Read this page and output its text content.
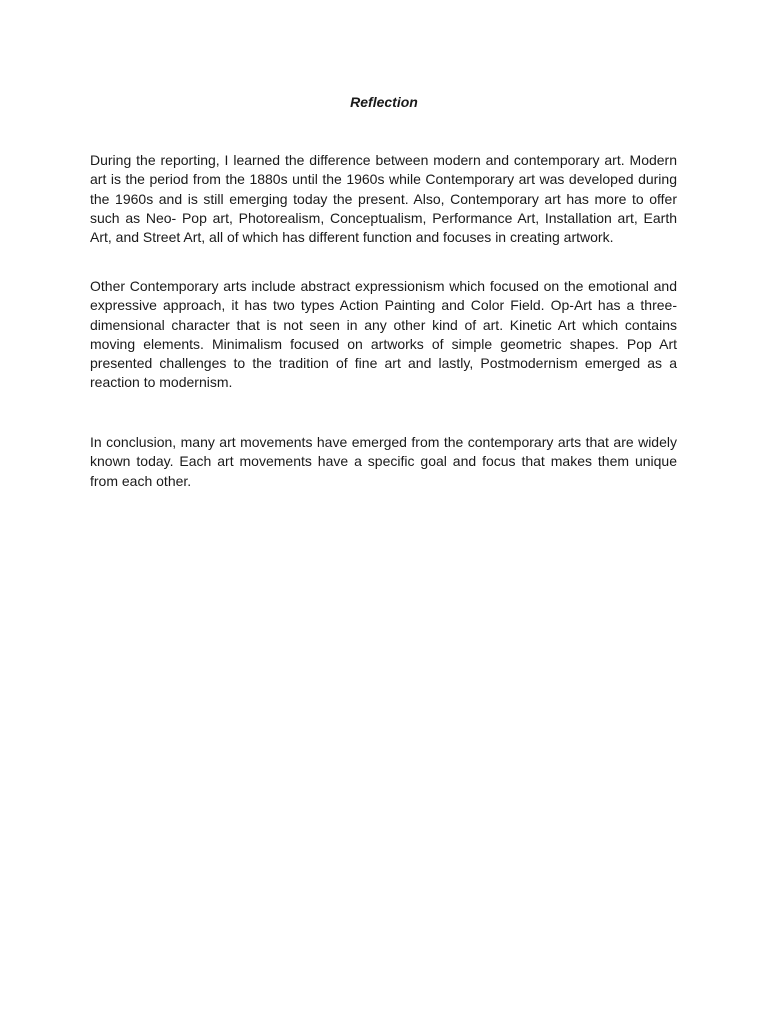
Reflection

During the reporting, I learned the difference between modern and contemporary art. Modern art is the period from the 1880s until the 1960s while Contemporary art was developed during the 1960s and is still emerging today the present. Also, Contemporary art has more to offer such as Neo- Pop art, Photorealism, Conceptualism, Performance Art, Installation art, Earth Art, and Street Art, all of which has different function and focuses in creating artwork.

Other Contemporary arts include abstract expressionism which focused on the emotional and expressive approach, it has two types Action Painting and Color Field. Op-Art has a three-dimensional character that is not seen in any other kind of art. Kinetic Art which contains moving elements. Minimalism focused on artworks of simple geometric shapes. Pop Art presented challenges to the tradition of fine art and lastly, Postmodernism emerged as a reaction to modernism.

In conclusion, many art movements have emerged from the contemporary arts that are widely known today. Each art movements have a specific goal and focus that makes them unique from each other.
